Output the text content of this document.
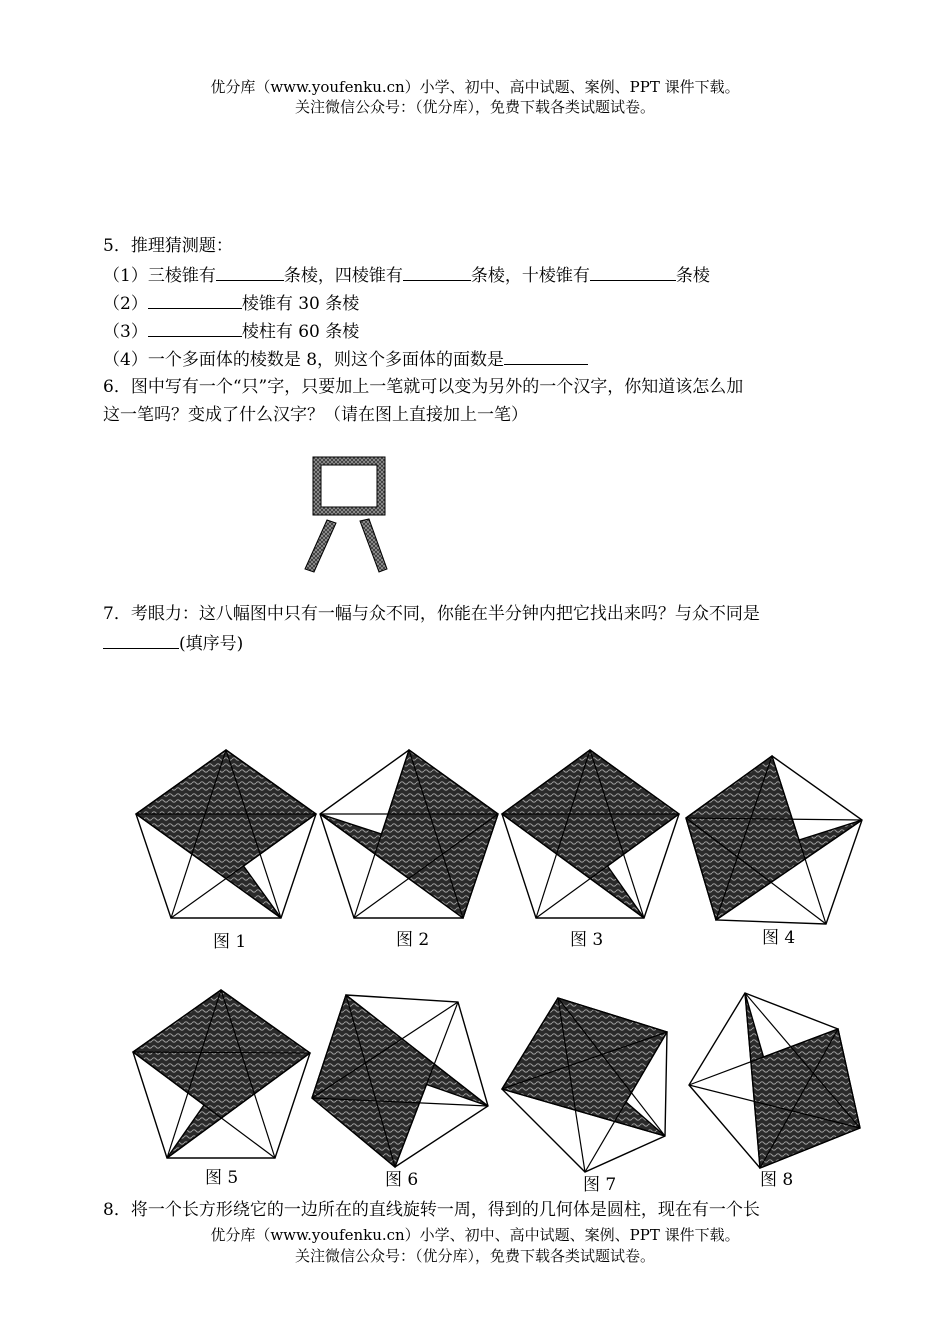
优分库（www.youfenku.cn）小学、初中、高中试题、案例、PPT 课件下载。
关注微信公众号：（优分库），免费下载各类试题试卷。
5．推理猜测题：
（1）三棱锥有	条棱，四棱锥有	条棱，十棱锥有	条棱
（2）	棱锥有 30 条棱
（3）	棱柱有 60 条棱
（4）一个多面体的棱数是 8，则这个多面体的面数是
6．图中写有一个“只”字，只要加上一笔就可以变为另外的一个汉字，你知道该怎么加
这一笔吗？变成了什么汉字？（请在图上直接加上一笔）
7．考眼力：这八幅图中只有一幅与众不同，你能在半分钟内把它找出来吗？与众不同是
(填序号)
图 1	图 2	图 3	图 4
图 5	图 6	图 7	图 8
8．将一个长方形绕它的一边所在的直线旋转一周，得到的几何体是圆柱，现在有一个长
优分库（www.youfenku.cn）小学、初中、高中试题、案例、PPT 课件下载。
关注微信公众号：（优分库），免费下载各类试题试卷。
